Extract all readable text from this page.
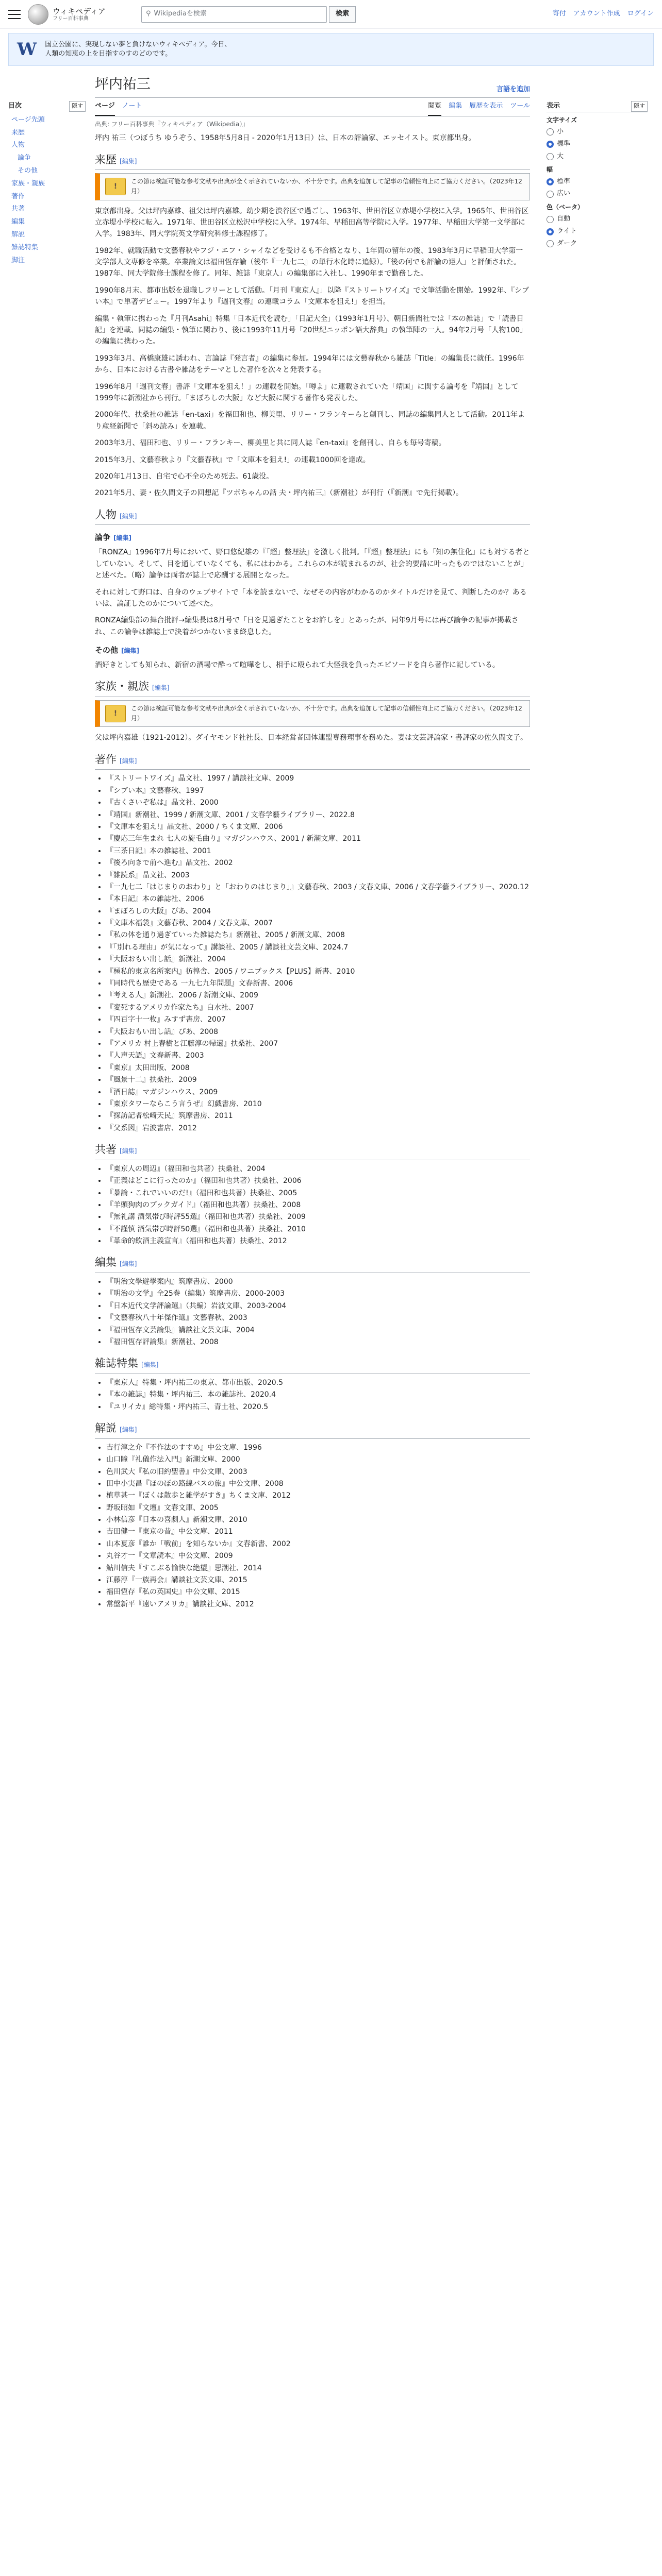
ウィキペディア
フリー百科事典
⚲ Wikipediaを検索	検索	寄付 アカウント作成 ログイン
W 国立公園に、実現しない夢と負けないウィキペディア。今日、
人類の知恵の上を目指すのすのどのです。
目次	隠す
ページ先頭
来歴
人物
論争
その他
家族・親族
著作
共著
編集
解説
雑誌特集
脚注
坪内祐三	言語を追加
ページ ノート	閲覧 編集 履歴を表示 ツール
出典: フリー百科事典『ウィキペディア（Wikipedia）』

坪内 祐三（つぼうち ゆうぞう、1958年5月8日 - 2020年1月13日）は、日本の評論家、エッセイスト。東京都出身。

来歴 [編集]
!
この節は検証可能な参考文献や出典が全く示されていないか、不十分です。出典を追加して記事の信頼性向上にご協力ください。（2023年12月）

東京都出身。父は坪内嘉雄、祖父は坪内嘉雄。幼少期を渋谷区で過ごし、1963年、世田谷区立赤堤小学校に入学。1965年、世田谷区立赤堤小学校に転入。1971年、世田谷区立松沢中学校に入学。1974年、早稲田高等学院に入学。1977年、早稲田大学第一文学部に入学。1983年、同大学院英文学研究科修士課程修了。

1982年、就職活動で文藝春秋やフジ・エフ・シャイなどを受けるも不合格となり、1年間の留年の後、1983年3月に早稲田大学第一文学部人文専修を卒業。卒業論文は福田恆存論（後年『一九七二』の単行本化時に追録）。「後の何でも評論の達人」と評価された。1987年、同大学院修士課程を修了。同年、雑誌「東京人」の編集部に入社し、1990年まで勤務した。

1990年8月末、都市出版を退職しフリーとして活動。「月刊『東京人』」以降『ストリートワイズ』で文筆活動を開始。1992年、『シブい本』で単著デビュー。1997年より『週刊文春』の連載コラム「文庫本を狙え!」を担当。

編集・執筆に携わった『月刊Asahi』特集「日本近代を読む」「日記大全」（1993年1月号）、朝日新聞社では「本の雑誌」で「読書日記」を連載、同誌の編集・執筆に関わり、後に1993年11月号「20世紀ニッポン語大辞典」の執筆陣の一人。94年2月号「人物100」の編集に携わった。

1993年3月、高橋康雄に誘われ、言論誌『発言者』の編集に参加。1994年には文藝春秋から雑誌「Title」の編集長に就任。1996年から、日本における古書や雑誌をテーマとした著作を次々と発表する。

1996年8月「週刊文春」書評「文庫本を狙え！」の連載を開始。「噂よ」に連載されていた「靖国」に関する論考を『靖国』として1999年に新潮社から刊行。「まぼろしの大阪」など大阪に関する著作も発表した。

2000年代、扶桑社の雑誌「en-taxi」を福田和也、柳美里、リリー・フランキーらと創刊し、同誌の編集同人として活動。2011年より産経新聞で「斜め読み」を連載。

2003年3月、福田和也、リリー・フランキー、柳美里と共に同人誌『en-taxi』を創刊し、自らも毎号寄稿。

2015年3月、文藝春秋より『文藝春秋』で「文庫本を狙え!」の連載1000回を達成。

2020年1月13日、自宅で心不全のため死去。61歳没。

2021年5月、妻・佐久間文子の回想記『ツボちゃんの話 夫・坪内祐三』（新潮社）が刊行（『新潮』で先行掲載）。

人物 [編集]
論争 [編集]

「RONZA」1996年7月号において、野口悠紀雄の『「超」整理法』を激しく批判。「『超』整理法」にも「知の無住化」にも対する者としていない。そして、目を通していなくても、私にはわかる。これらの本が読まれるのが、社会的要請に叶ったものではないことが」と述べた。（略）論争は両者が誌上で応酬する展開となった。

それに対して野口は、自身のウェブサイトで「本を読まないで、なぜその内容がわかるのかタイトルだけを見て、判断したのか？あるいは、論証したのかについて述べた。

RONZA編集部の舞台批評→編集長は8月号で「日を見過ぎたことをお許しを」とあったが、同年9月号には再び論争の記事が掲載され、この論争は雑誌上で決着がつかないまま終息した。

その他 [編集]

酒好きとしても知られ、新宿の酒場で酔って喧嘩をし、相手に殴られて大怪我を負ったエピソードを自ら著作に記している。

家族・親族 [編集]
!
この節は検証可能な参考文献や出典が全く示されていないか、不十分です。出典を追加して記事の信頼性向上にご協力ください。（2023年12月）

父は坪内嘉雄（1921-2012）。ダイヤモンド社社長、日本経営者団体連盟専務理事を務めた。妻は文芸評論家・書評家の佐久間文子。

著作 [編集]
• 『ストリートワイズ』晶文社、1997 / 講談社文庫、2009
• 『シブい本』文藝春秋、1997
• 『古くさいぞ私は』晶文社、2000
• 『靖国』新潮社、1999 / 新潮文庫、2001 / 文春学藝ライブラリー、2022.8
• 『文庫本を狙え!』晶文社、2000 / ちくま文庫、2006
• 『慶応三年生まれ 七人の旋毛曲り』マガジンハウス、2001 / 新潮文庫、2011
• 『三茶日記』本の雑誌社、2001
• 『後ろ向きで前へ進む』晶文社、2002
• 『雑読系』晶文社、2003
• 『一九七二「はじまりのおわり」と「おわりのはじまり」』文藝春秋、2003 / 文春文庫、2006 / 文春学藝ライブラリー、2020.12
• 『本日記』本の雑誌社、2006
• 『まぼろしの大阪』ぴあ、2004
• 『文庫本福袋』文藝春秋、2004 / 文春文庫、2007
• 『私の体を通り過ぎていった雑誌たち』新潮社、2005 / 新潮文庫、2008
• 『「別れる理由」が気になって』講談社、2005 / 講談社文芸文庫、2024.7
• 『大阪おもい出し話』新潮社、2004
• 『極私的東京名所案内』彷徨舎、2005 / ワニブックス【PLUS】新書、2010
• 『同時代も歴史である 一九七九年問題』文春新書、2006
• 『考える人』新潮社、2006 / 新潮文庫、2009
• 『変死するアメリカ作家たち』白水社、2007
• 『四百字十一枚』みすず書房、2007
• 『大阪おもい出し話』ぴあ、2008
• 『アメリカ 村上春樹と江藤淳の帰還』扶桑社、2007
• 『人声天語』文春新書、2003
• 『東京』太田出版、2008
• 『風景十二』扶桑社、2009
• 『酒日誌』マガジンハウス、2009
• 『東京タワーならこう言うぜ』幻戯書房、2010
• 『探訪記者松崎天民』筑摩書房、2011
• 『父系図』岩波書店、2012
共著 [編集]
• 『東京人の周辺』（福田和也共著）扶桑社、2004
• 『正義はどこに行ったのか』（福田和也共著）扶桑社、2006
• 『暴論・これでいいのだ!』（福田和也共著）扶桑社、2005
• 『羊頭狗肉のブックガイド』（福田和也共著）扶桑社、2008
• 『無礼講 酒気帯び時評55選』（福田和也共著）扶桑社、2009
• 『不謹慎 酒気帯び時評50選』（福田和也共著）扶桑社、2010
• 『革命的飲酒主義宣言』（福田和也共著）扶桑社、2012
編集 [編集]
• 『明治文學遊學案内』筑摩書房、2000
• 『明治の文学』全25巻（編集）筑摩書房、2000-2003
• 『日本近代文学評論選』（共編）岩波文庫、2003-2004
• 『文藝春秋八十年傑作選』文藝春秋、2003
• 『福田恆存文芸論集』講談社文芸文庫、2004
• 『福田恆存評論集』新潮社、2008
雑誌特集 [編集]
• 『東京人』特集・坪内祐三の東京、都市出版、2020.5
• 『本の雑誌』特集・坪内祐三、本の雑誌社、2020.4
• 『ユリイカ』総特集・坪内祐三、青土社、2020.5
解説 [編集]
• 吉行淳之介『不作法のすすめ』中公文庫、1996
• 山口瞳『礼儀作法入門』新潮文庫、2000
• 色川武大『私の旧約聖書』中公文庫、2003
• 田中小実昌『ほのぼの路線バスの旅』中公文庫、2008
• 植草甚一『ぼくは散歩と雑学がすき』ちくま文庫、2012
• 野坂昭如『文壇』文春文庫、2005
• 小林信彦『日本の喜劇人』新潮文庫、2010
• 吉田健一『東京の昔』中公文庫、2011
• 山本夏彦『誰か「戦前」を知らないか』文春新書、2002
• 丸谷才一『文章読本』中公文庫、2009
• 鮎川信夫『すこぶる愉快な絶望』思潮社、2014
• 江藤淳『一族再会』講談社文芸文庫、2015
• 福田恆存『私の英国史』中公文庫、2015
• 常盤新平『遠いアメリカ』講談社文庫、2012
表示	隠す
文字サイズ
小
標準
大
幅
標準
広い
色（ベータ）
自動
ライト
ダーク
